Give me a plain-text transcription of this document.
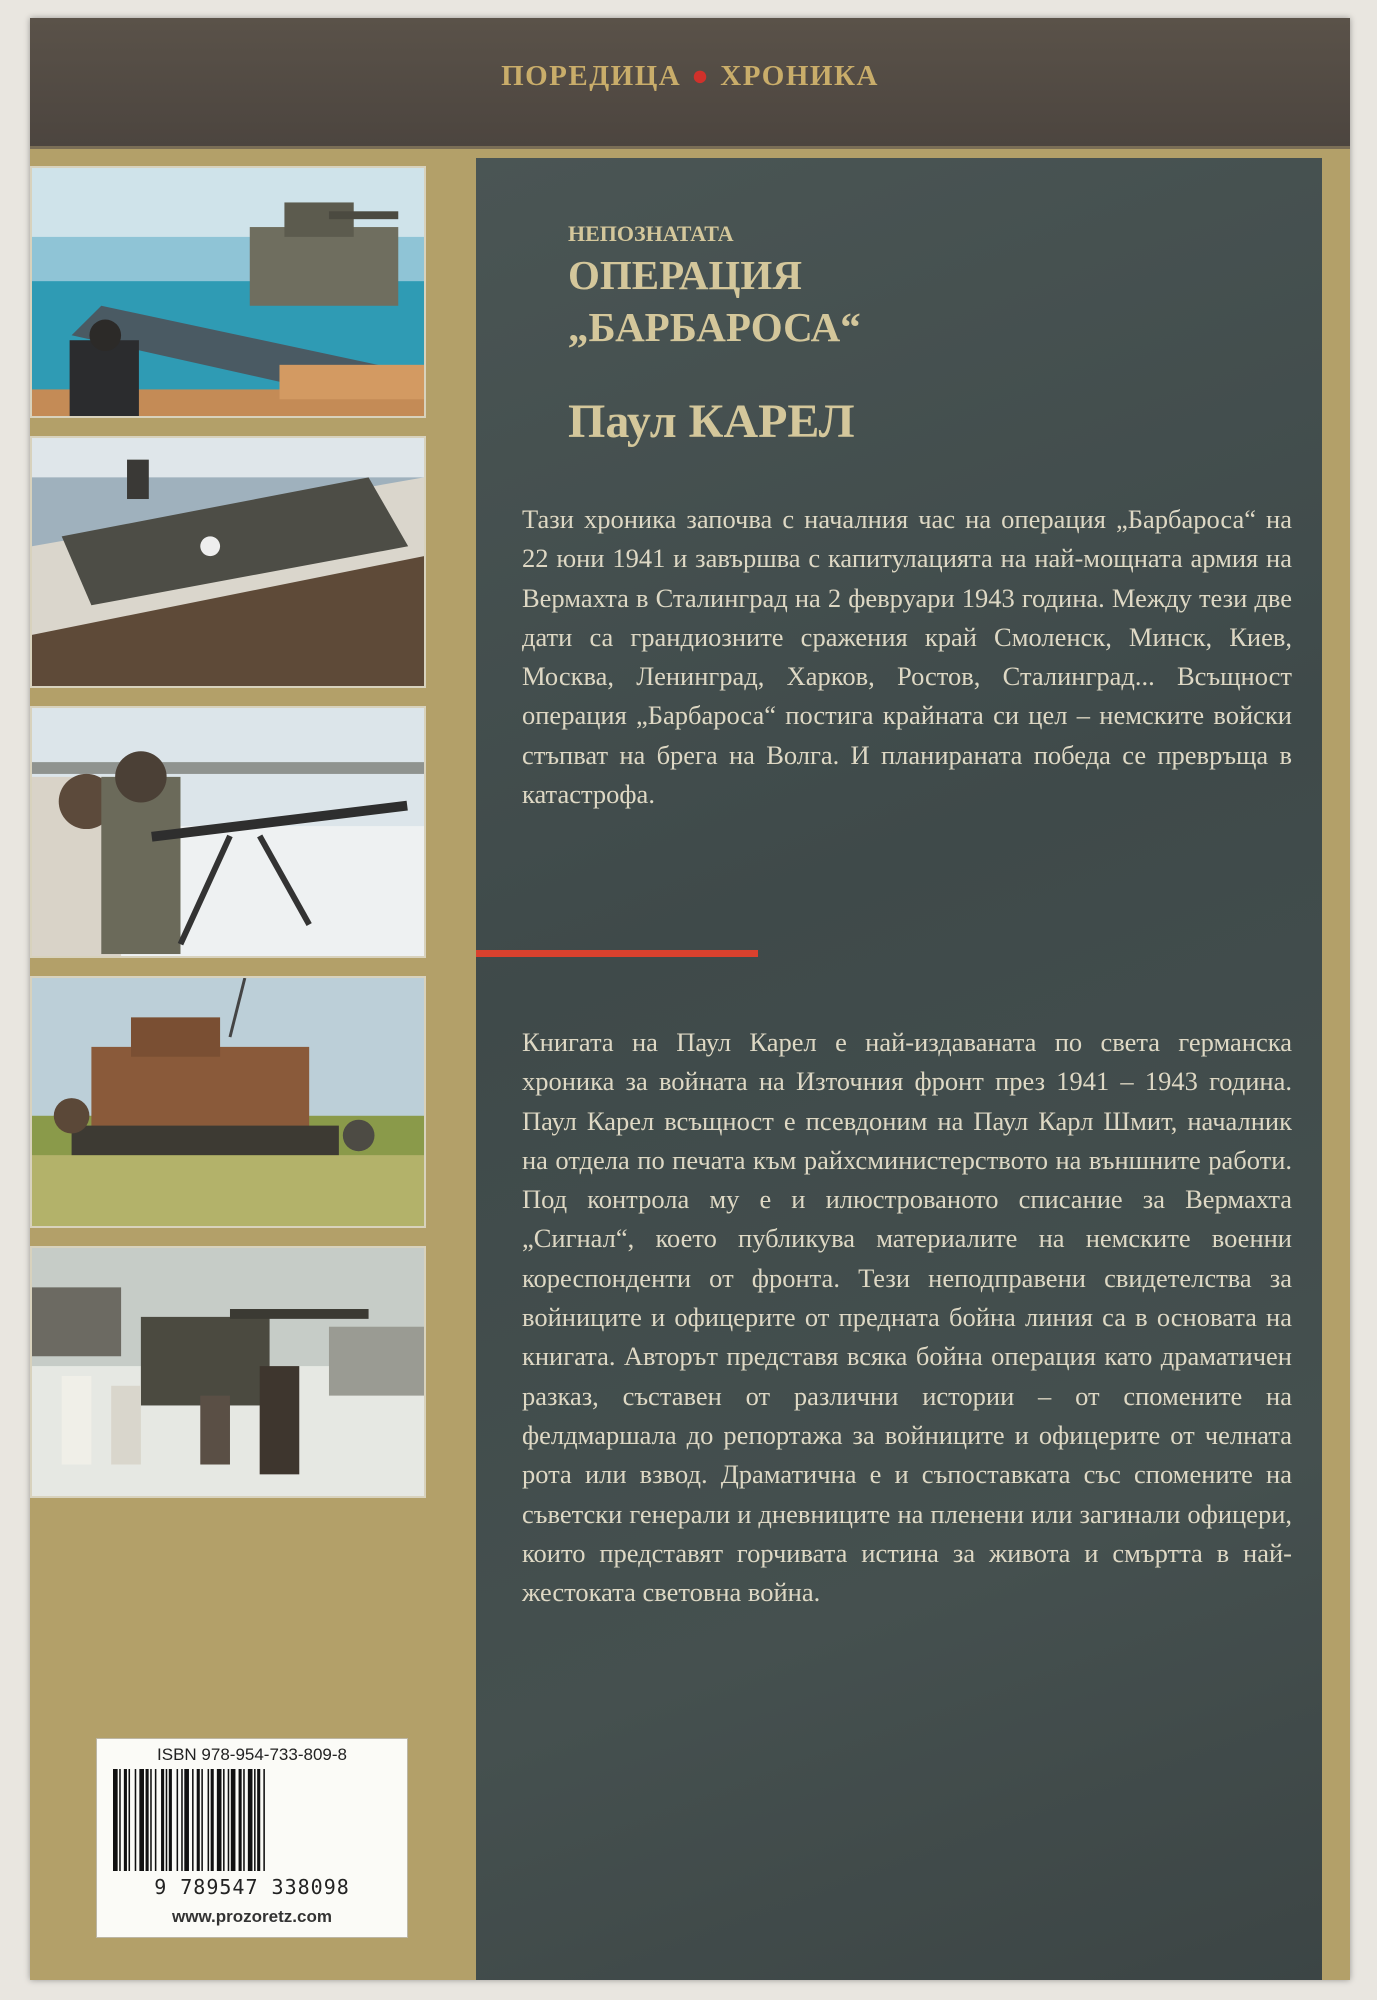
ПОРЕДИЦА ● ХРОНИКА
НЕПОЗНАТАТА
ОПЕРАЦИЯ
„БАРБАРОСА“
Паул КАРЕЛ
Тази хроника започва с началния час на операция „Барбароса“ на 22 юни 1941 и завършва с капитулацията на най-мощната армия на Вермахта в Сталинград на 2 февруари 1943 година. Между тези две дати са грандиозните сражения край Смоленск, Минск, Киев, Москва, Ленинград, Харков, Ростов, Сталинград... Всъщност операция „Барбароса“ постига крайната си цел – немските войски стъпват на брега на Волга. И планираната победа се превръща в катастрофа.
Книгата на Паул Карел е най-издаваната по света германска хроника за войната на Източния фронт през 1941 – 1943 година. Паул Карел всъщност е псевдоним на Паул Карл Шмит, началник на отдела по печата към райхсминистерството на външните работи. Под контрола му е и илюстрованото списание за Вермахта „Сигнал“, което публикува материалите на немските военни кореспонденти от фронта. Тези неподправени свидетелства за войниците и офицерите от предната бойна линия са в основата на книгата. Авторът представя всяка бойна операция като драматичен разказ, съставен от различни истории – от спомените на фелдмаршала до репортажа за войниците и офицерите от челната рота или взвод. Драматична е и съпоставката със спомените на съветски генерали и дневниците на пленени или загинали офицери, които представят горчивата истина за живота и смъртта в най-жестоката световна война.
ISBN 978-954-733-809-8
9 789547 338098
www.prozoretz.com
